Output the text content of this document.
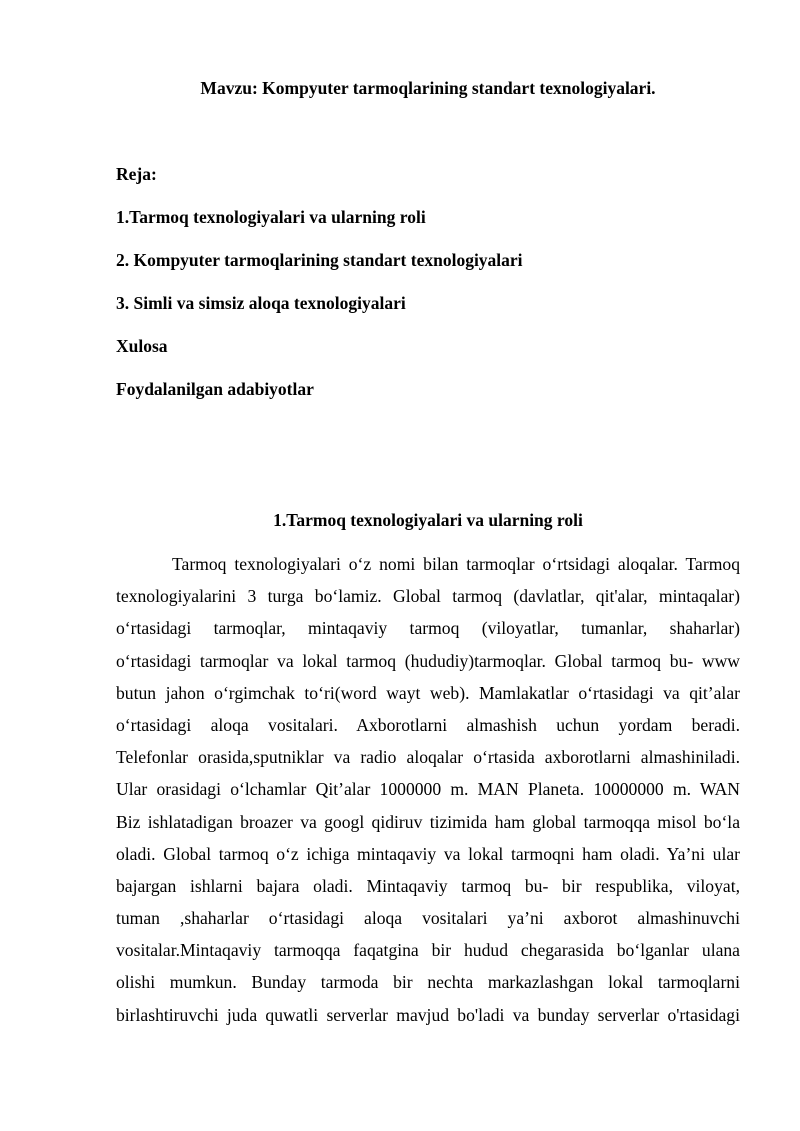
Mavzu: Kompyuter tarmoqlarining standart texnologiyalari.
Reja:
1.Tarmoq texnologiyalari va ularning roli
2. Kompyuter tarmoqlarining standart texnologiyalari
3. Simli va simsiz aloqa texnologiyalari
Xulosa
Foydalanilgan adabiyotlar
1.Tarmoq texnologiyalari va ularning roli
Tarmoq texnologiyalari o‘z nomi bilan tarmoqlar o‘rtsidagi aloqalar. Tarmoq
texnologiyalarini 3 turga bo‘lamiz. Global tarmoq (davlatlar, qit'alar, mintaqalar)
o‘rtasidagi tarmoqlar, mintaqaviy tarmoq (viloyatlar, tumanlar, shaharlar)
o‘rtasidagi tarmoqlar va lokal tarmoq (hududiy)tarmoqlar. Global tarmoq bu- www
butun jahon o‘rgimchak to‘ri(word wayt web). Mamlakatlar o‘rtasidagi va qit’alar
o‘rtasidagi aloqa vositalari. Axborotlarni almashish uchun yordam beradi.
Telefonlar orasida,sputniklar va radio aloqalar o‘rtasida axborotlarni almashiniladi.
Ular orasidagi o‘lchamlar Qit’alar 1000000 m. MAN Planeta. 10000000 m. WAN
Biz ishlatadigan broazer va googl qidiruv tizimida ham global tarmoqqa misol bo‘la
oladi. Global tarmoq o‘z ichiga mintaqaviy va lokal tarmoqni ham oladi. Ya’ni ular
bajargan ishlarni bajara oladi. Mintaqaviy tarmoq bu- bir respublika, viloyat,
tuman ,shaharlar o‘rtasidagi aloqa vositalari ya’ni axborot almashinuvchi
vositalar.Mintaqaviy tarmoqqa faqatgina bir hudud chegarasida bo‘lganlar ulana
olishi mumkun. Bunday tarmoda bir nechta markazlashgan lokal tarmoqlarni
birlashtiruvchi juda quwatli serverlar mavjud bo'ladi va bunday serverlar o'rtasidagi
